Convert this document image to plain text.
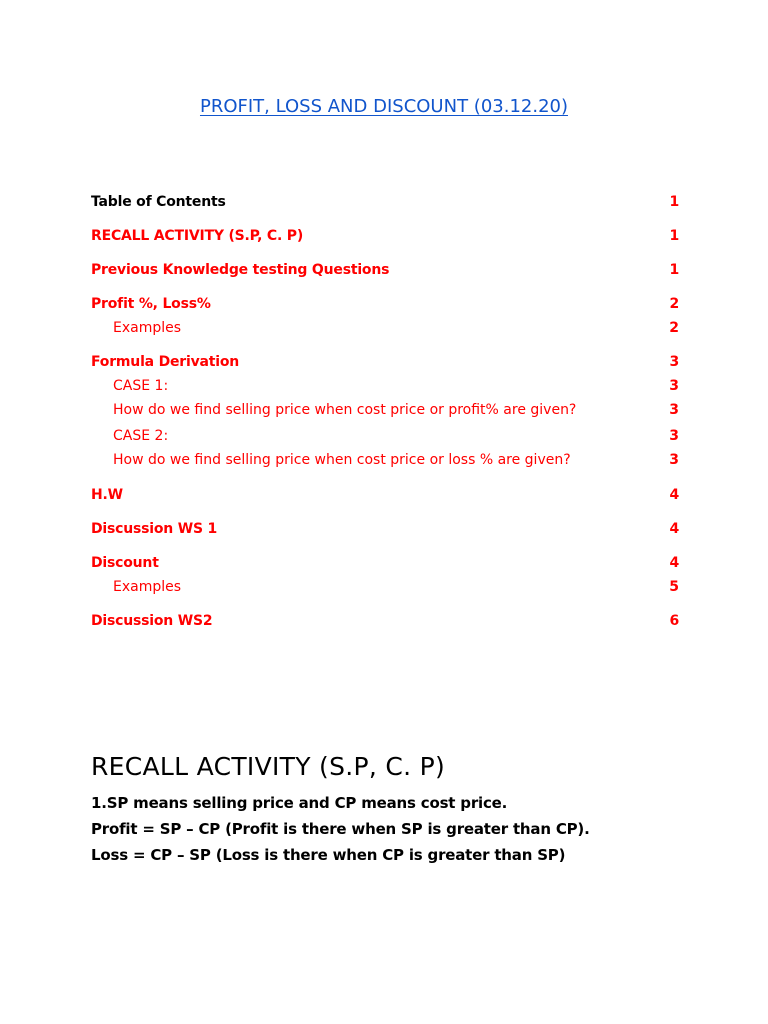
PROFIT, LOSS AND DISCOUNT (03.12.20)
Table of Contents	1
RECALL ACTIVITY (S.P, C. P)	1
Previous Knowledge testing Questions	1
Profit %, Loss%	2
Examples	2
Formula Derivation	3
CASE 1:	3
How do we find selling price when cost price or profit% are given?	3
CASE 2:	3
How do we find selling price when cost price or loss % are given?	3
H.W	4
Discussion WS 1	4
Discount	4
Examples	5
Discussion WS2	6
RECALL ACTIVITY (S.P, C. P)
1.SP means selling price and CP means cost price.
Profit = SP – CP (Profit is there when SP is greater than CP).
Loss = CP – SP (Loss is there when CP is greater than SP)
